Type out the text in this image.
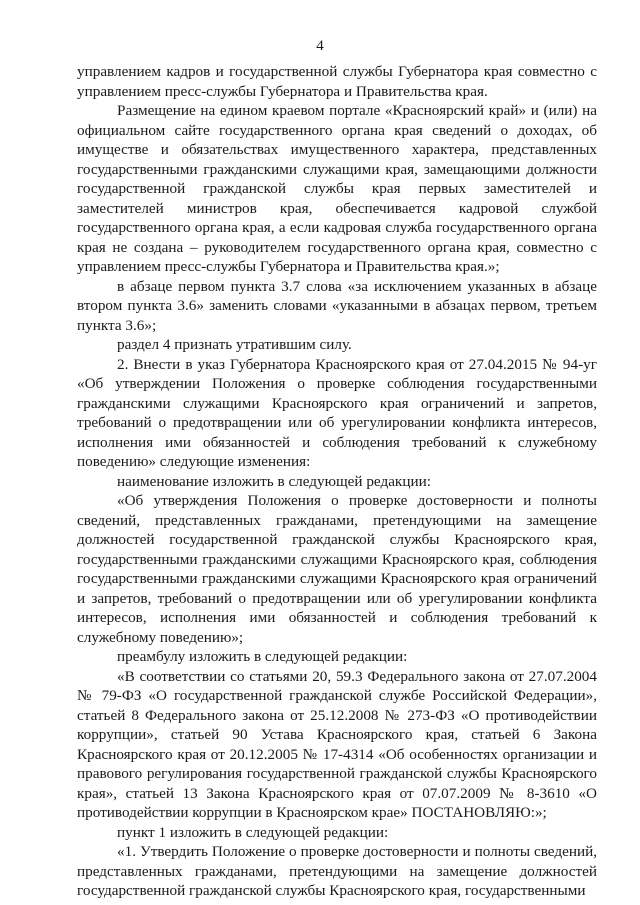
4

управлением кадров и государственной службы Губернатора края совместно с управлением пресс-службы Губернатора и Правительства края.

Размещение на едином краевом портале «Красноярский край» и (или) на официальном сайте государственного органа края сведений о доходах, об имуществе и обязательствах имущественного характера, представленных государственными гражданскими служащими края, замещающими должности государственной гражданской службы края первых заместителей и заместителей министров края, обеспечивается кадровой службой государственного органа края, а если кадровая служба государственного органа края не создана – руководителем государственного органа края, совместно с управлением пресс-службы Губернатора и Правительства края.»;

в абзаце первом пункта 3.7 слова «за исключением указанных в абзаце втором пункта 3.6» заменить словами «указанными в абзацах первом, третьем пункта 3.6»;

раздел 4 признать утратившим силу.

2. Внести в указ Губернатора Красноярского края от 27.04.2015 № 94-уг «Об утверждении Положения о проверке соблюдения государственными гражданскими служащими Красноярского края ограничений и запретов, требований о предотвращении или об урегулировании конфликта интересов, исполнения ими обязанностей и соблюдения требований к служебному поведению» следующие изменения:

наименование изложить в следующей редакции:

«Об утверждения Положения о проверке достоверности и полноты сведений, представленных гражданами, претендующими на замещение должностей государственной гражданской службы Красноярского края, государственными гражданскими служащими Красноярского края, соблюдения государственными гражданскими служащими Красноярского края ограничений и запретов, требований о предотвращении или об урегулировании конфликта интересов, исполнения ими обязанностей и соблюдения требований к служебному поведению»;

преамбулу изложить в следующей редакции:

«В соответствии со статьями 20, 59.3 Федерального закона от 27.07.2004 № 79-ФЗ «О государственной гражданской службе Российской Федерации», статьей 8 Федерального закона от 25.12.2008 № 273-ФЗ «О противодействии коррупции», статьей 90 Устава Красноярского края, статьей 6 Закона Красноярского края от 20.12.2005 № 17-4314 «Об особенностях организации и правового регулирования государственной гражданской службы Красноярского края», статьей 13 Закона Красноярского края от 07.07.2009 № 8-3610 «О противодействии коррупции в Красноярском крае» ПОСТАНОВЛЯЮ:»;

пункт 1 изложить в следующей редакции:

«1. Утвердить Положение о проверке достоверности и полноты сведений, представленных гражданами, претендующими на замещение должностей государственной гражданской службы Красноярского края, государственными
